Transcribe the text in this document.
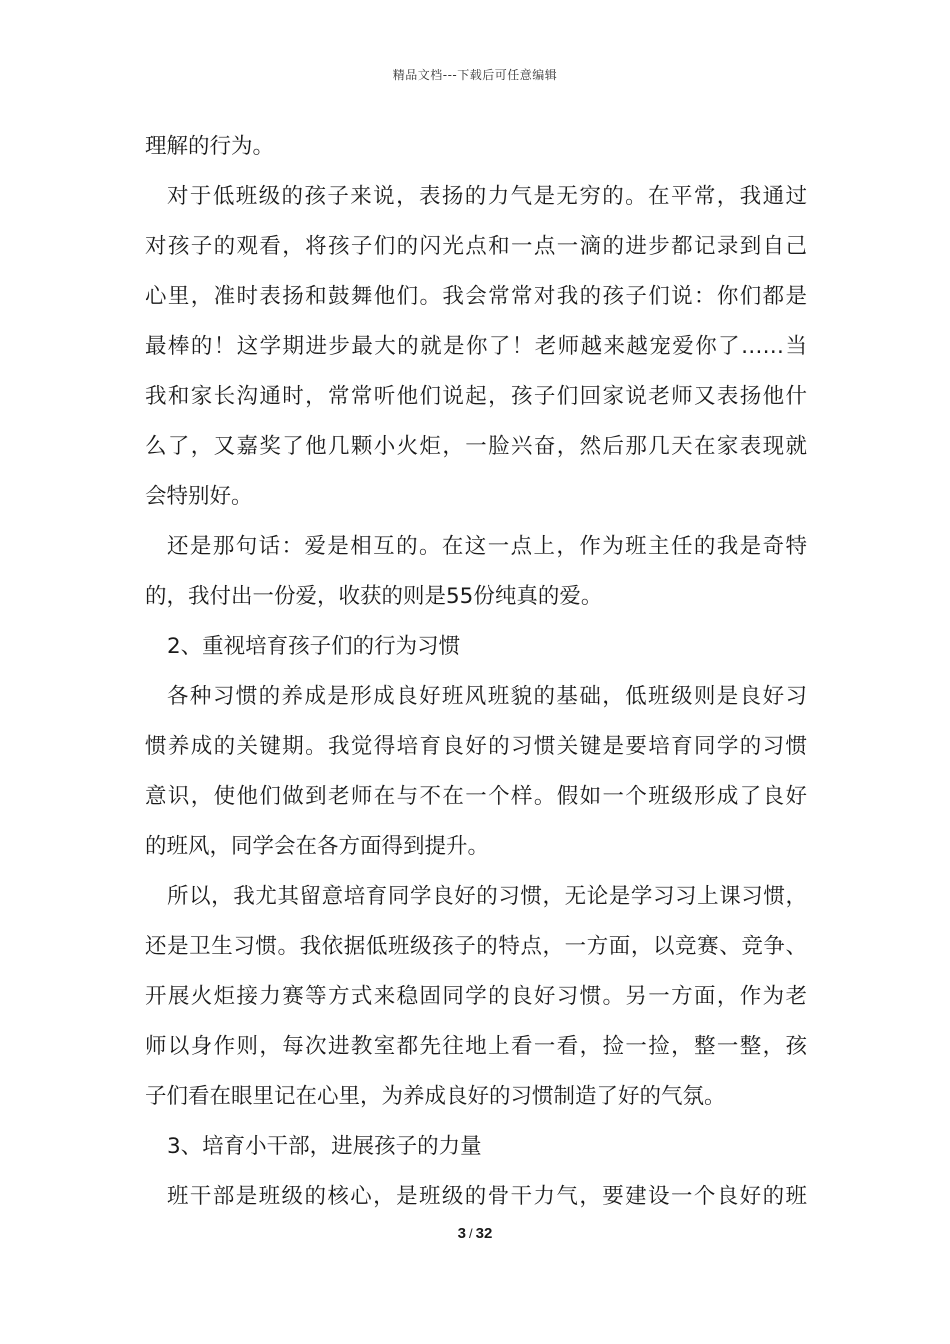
精品文档---下载后可任意编辑
理解的行为。
对于低班级的孩子来说，表扬的力气是无穷的。在平常，我通过
对孩子的观看，将孩子们的闪光点和一点一滴的进步都记录到自己
心里，准时表扬和鼓舞他们。我会常常对我的孩子们说：你们都是
最棒的！这学期进步最大的就是你了！老师越来越宠爱你了……当
我和家长沟通时，常常听他们说起，孩子们回家说老师又表扬他什
么了，又嘉奖了他几颗小火炬，一脸兴奋，然后那几天在家表现就
会特别好。
还是那句话：爱是相互的。在这一点上，作为班主任的我是奇特
的，我付出一份爱，收获的则是55份纯真的爱。
2、重视培育孩子们的行为习惯
各种习惯的养成是形成良好班风班貌的基础，低班级则是良好习
惯养成的关键期。我觉得培育良好的习惯关键是要培育同学的习惯
意识，使他们做到老师在与不在一个样。假如一个班级形成了良好
的班风，同学会在各方面得到提升。
所以，我尤其留意培育同学良好的习惯，无论是学习习上课习惯，
还是卫生习惯。我依据低班级孩子的特点，一方面，以竞赛、竞争、
开展火炬接力赛等方式来稳固同学的良好习惯。另一方面，作为老
师以身作则，每次进教室都先往地上看一看，捡一捡，整一整，孩
子们看在眼里记在心里，为养成良好的习惯制造了好的气氛。
3、培育小干部，进展孩子的力量
班干部是班级的核心，是班级的骨干力气，要建设一个良好的班
3 / 32
